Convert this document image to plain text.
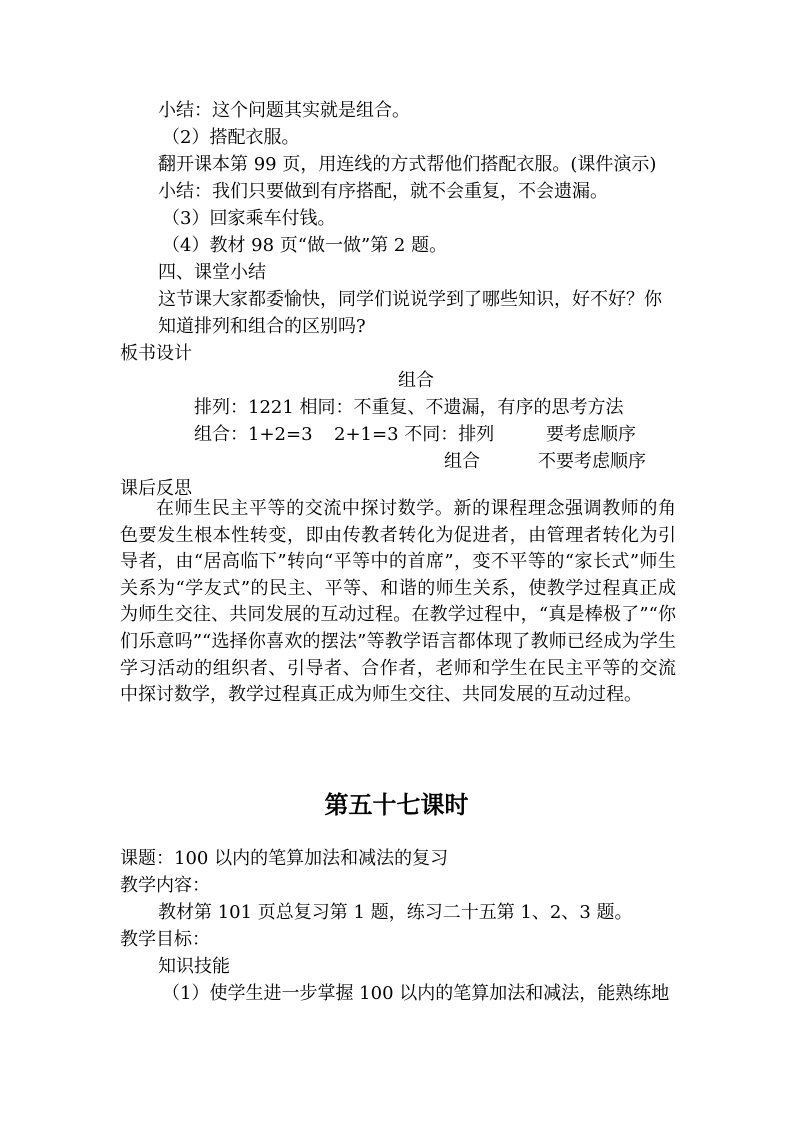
小结：这个问题其实就是组合。
（2）搭配衣服。
翻开课本第 99 页，用连线的方式帮他们搭配衣服。(课件演示)
小结：我们只要做到有序搭配，就不会重复，不会遗漏。
（3）回家乘车付钱。
（4）教材 98 页“做一做”第 2 题。
四、课堂小结
这节课大家都委愉快，同学们说说学到了哪些知识，好不好？你
知道排列和组合的区别吗?
板书设计
组合
排列：1221 相同：不重复、不遗漏，有序的思考方法
组合：1+2=3 2+1=3 不同：排列	要考虑顺序
组合	不要考虑顺序
课后反思
在师生民主平等的交流中探讨数学。新的课程理念强调教师的角色要发生根本性转变，即由传教者转化为促进者，由管理者转化为引导者，由“居高临下”转向“平等中的首席”，变不平等的“家长式”师生关系为“学友式”的民主、平等、和谐的师生关系，使教学过程真正成为师生交往、共同发展的互动过程。在教学过程中，“真是棒极了”“你们乐意吗”“选择你喜欢的摆法”等教学语言都体现了教师已经成为学生学习活动的组织者、引导者、合作者，老师和学生在民主平等的交流中探讨数学，教学过程真正成为师生交往、共同发展的互动过程。
第五十七课时
课题：100 以内的笔算加法和减法的复习
教学内容：
教材第 101 页总复习第 1 题，练习二十五第 1、2、3 题。
教学目标：
知识技能
（1）使学生进一步掌握 100 以内的笔算加法和减法，能熟练地
